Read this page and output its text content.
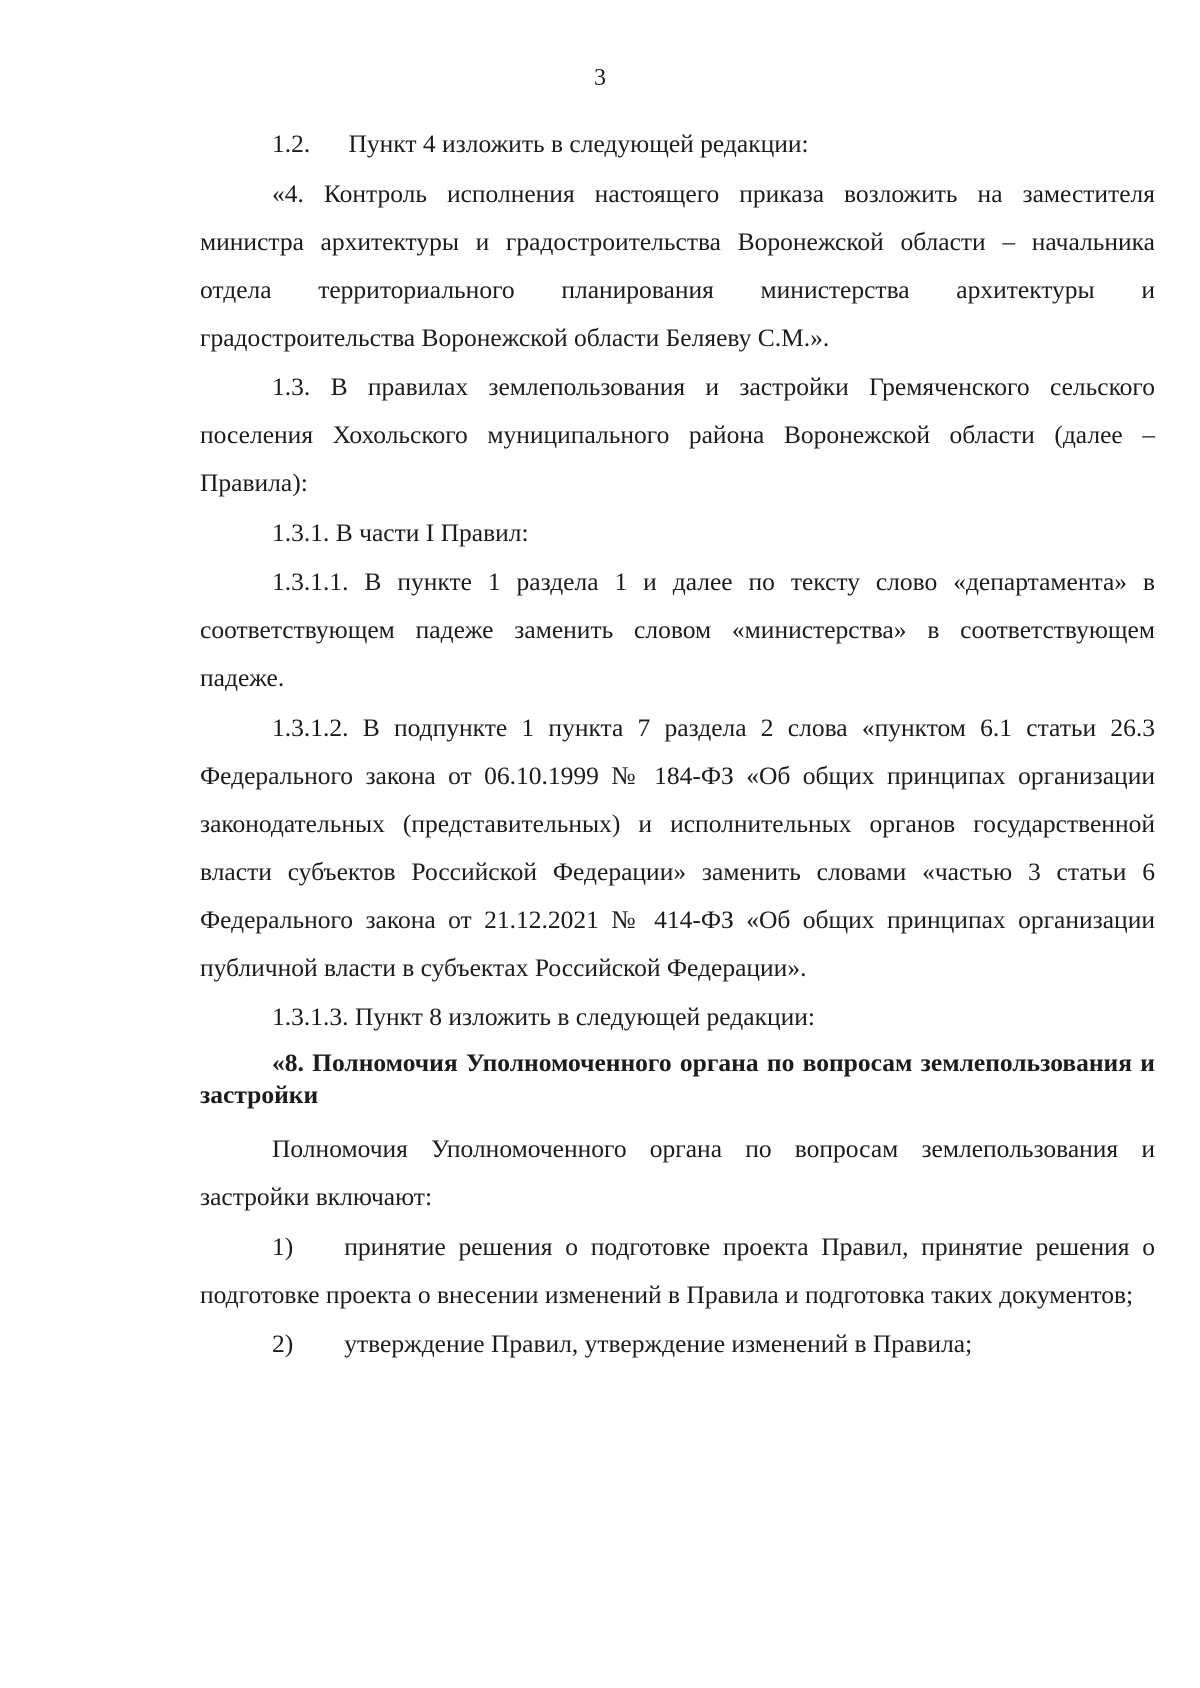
3

1.2.  Пункт 4 изложить в следующей редакции:

«4. Контроль исполнения настоящего приказа возложить на заместителя министра архитектуры и градостроительства Воронежской области – начальника отдела территориального планирования министерства архитектуры и градостроительства Воронежской области Беляеву С.М.».

1.3. В правилах землепользования и застройки Гремяченского сельского поселения Хохольского муниципального района Воронежской области (далее – Правила):

1.3.1. В части I Правил:

1.3.1.1. В пункте 1 раздела 1 и далее по тексту слово «департамента» в соответствующем падеже заменить словом «министерства» в соответствующем падеже.

1.3.1.2. В подпункте 1 пункта 7 раздела 2 слова «пунктом 6.1 статьи 26.3 Федерального закона от 06.10.1999 № 184-ФЗ «Об общих принципах организации законодательных (представительных) и исполнительных органов государственной власти субъектов Российской Федерации» заменить словами «частью 3 статьи 6 Федерального закона от 21.12.2021 № 414-ФЗ «Об общих принципах организации публичной власти в субъектах Российской Федерации».

1.3.1.3. Пункт 8 изложить в следующей редакции:

«8. Полномочия Уполномоченного органа по вопросам землепользования и застройки

Полномочия Уполномоченного органа по вопросам землепользования и застройки включают:

1)  принятие решения о подготовке проекта Правил, принятие решения о подготовке проекта о внесении изменений в Правила и подготовка таких документов;

2)  утверждение Правил, утверждение изменений в Правила;
